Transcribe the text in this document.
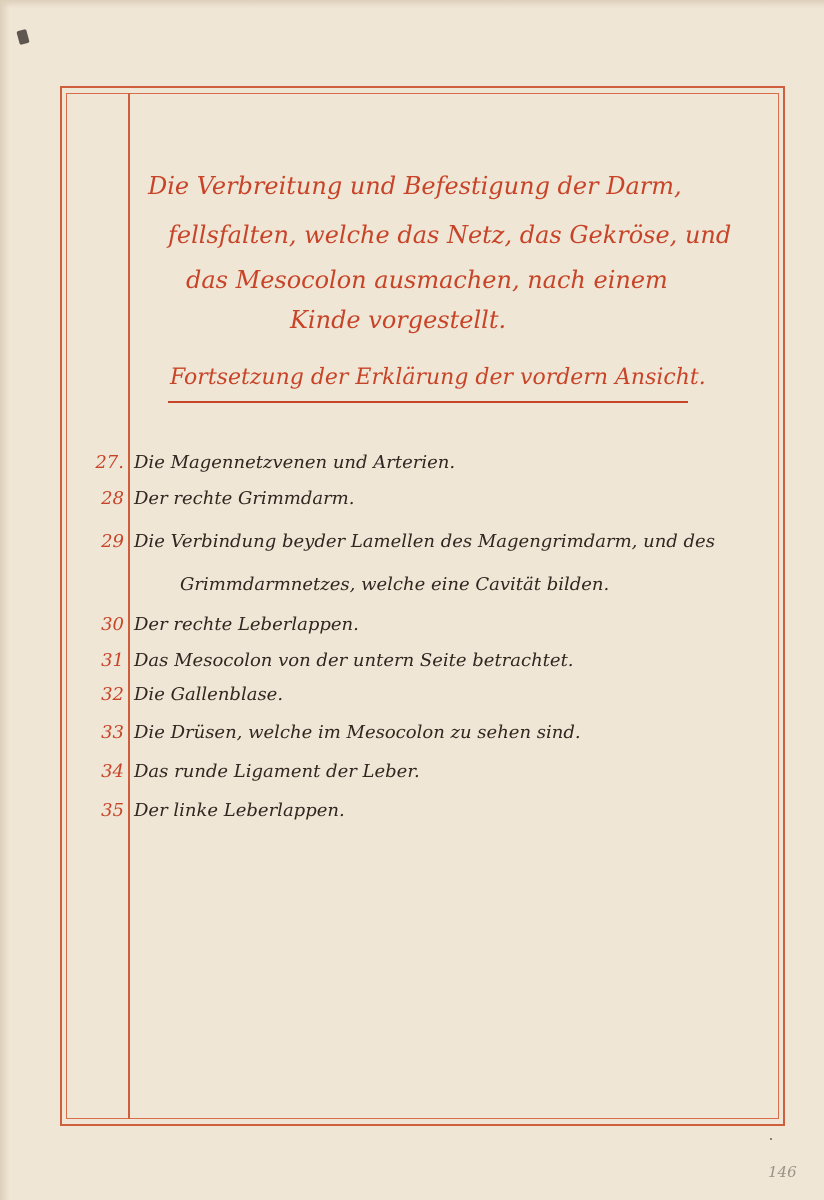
Die Verbreitung und Befestigung der Darm,
fellsfalten, welche das Netz, das Gekröse, und
das Mesocolon ausmachen, nach einem
Kinde vorgestellt.
Fortsetzung der Erklärung der vordern Ansicht.
27. Die Magennetzvenen und Arterien.
28 Der rechte Grimmdarm.
29 Die Verbindung beyder Lamellen des Magengrimdarm, und des
Grimmdarmnetzes, welche eine Cavität bilden.
30 Der rechte Leberlappen.
31 Das Mesocolon von der untern Seite betrachtet.
32 Die Gallenblase.
33 Die Drüsen, welche im Mesocolon zu sehen sind.
34 Das runde Ligament der Leber.
35 Der linke Leberlappen.
146
